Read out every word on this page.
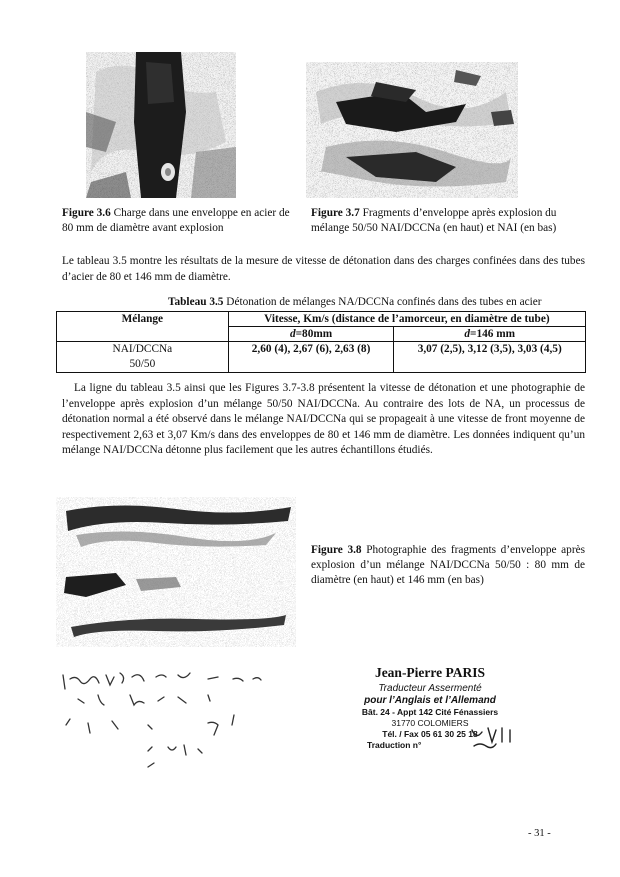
Figure 3.6 Charge dans une enveloppe en acier de 80 mm de diamètre avant explosion
Figure 3.7 Fragments d’enveloppe après explosion du mélange 50/50 NAI/DCCNa (en haut) et NAI (en bas)
Le tableau 3.5 montre les résultats de la mesure de vitesse de détonation dans des charges confinées dans des tubes d’acier de 80 et 146 mm de diamètre.
Tableau 3.5 Détonation de mélanges NA/DCCNa confinés dans des tubes en acier
Mélange	Vitesse, Km/s (distance de l’amorceur, en diamètre de tube)	
	d=80mm	d=146 mm
NAI/DCCNa
50/50	2,60 (4), 2,67 (6), 2,63 (8)	3,07 (2,5), 3,12 (3,5), 3,03 (4,5)
La ligne du tableau 3.5 ainsi que les Figures 3.7-3.8 présentent la vitesse de détonation et une photographie de l’enveloppe après explosion d’un mélange 50/50 NAI/DCCNa. Au contraire des lots de NA, un processus de détonation normal a été observé dans le mélange NAI/DCCNa qui se propageait à une vitesse de front moyenne de respectivement 2,63 et 3,07 Km/s dans des enveloppes de 80 et 146 mm de diamètre. Les données indiquent qu’un mélange NAI/DCCNa détonne plus facilement que les autres échantillons étudiés.
Figure 3.8 Photographie des fragments d’enveloppe après explosion d’un mélange NAI/DCCNa 50/50 : 80 mm de diamètre (en haut) et 146 mm (en bas)
Jean-Pierre PARIS
Traducteur Assermenté
pour l’Anglais et l’Allemand
Bât. 24 - Appt 142 Cité Fénassiers
31770 COLOMIERS
Tél. / Fax 05 61 30 25 18
Traduction n°
- 31 -
